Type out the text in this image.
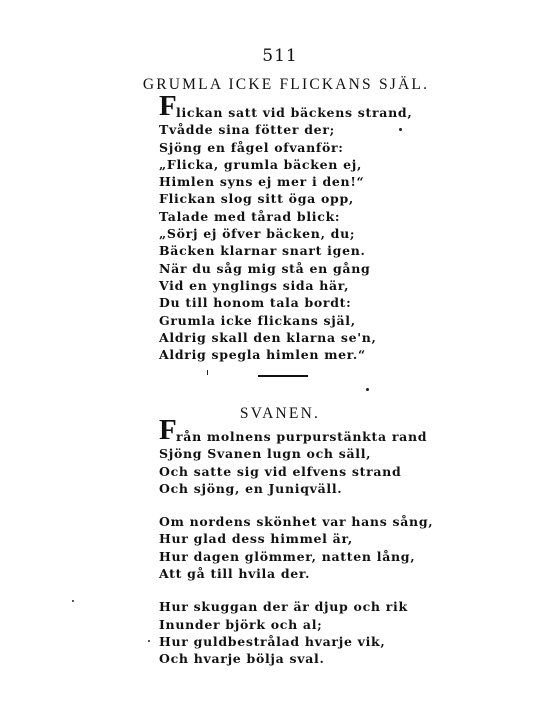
511
GRUMLA ICKE FLICKANS SJÄL.
F lickan satt vid bäckens strand,
Tvådde sina fötter der;
Sjöng en fågel ofvanför:
„Flicka, grumla bäcken ej,
Himlen syns ej mer i den!“
Flickan slog sitt öga opp,
Talade med tårad blick:
„Sörj ej öfver bäcken, du;
Bäcken klarnar snart igen.
När du såg mig stå en gång
Vid en ynglings sida här,
Du till honom tala bordt:
Grumla icke flickans själ,
Aldrig skall den klarna se'n,
Aldrig spegla himlen mer.“
SVANEN.
F rån molnens purpurstänkta rand
Sjöng Svanen lugn och säll,
Och satte sig vid elfvens strand
Och sjöng, en Juniqväll.
Om nordens skönhet var hans sång,
Hur glad dess himmel är,
Hur dagen glömmer, natten lång,
Att gå till hvila der.
Hur skuggan der är djup och rik
Inunder björk och al;
Hur guldbestrålad hvarje vik,
Och hvarje bölja sval.
